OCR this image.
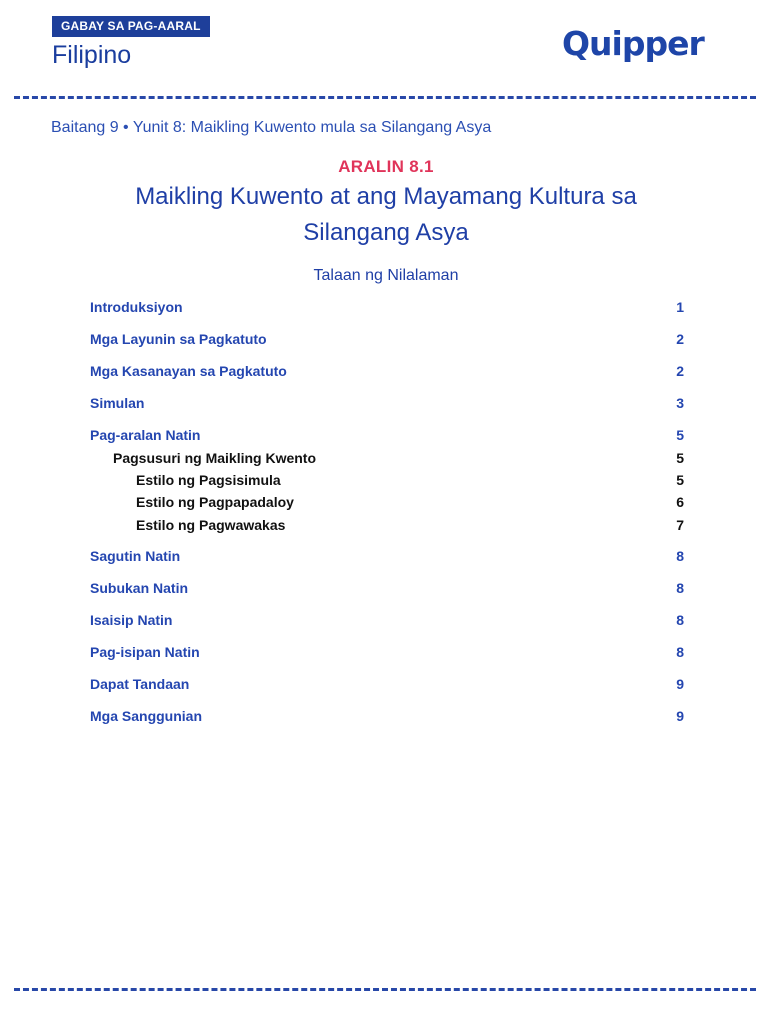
GABAY SA PAG-AARAL
Filipino	Quipper
Baitang 9 • Yunit 8: Maikling Kuwento mula sa Silangang Asya
ARALIN 8.1
Maikling Kuwento at ang Mayamang Kultura sa Silangang Asya
Talaan ng Nilalaman
Introduksiyon	1
Mga Layunin sa Pagkatuto	2
Mga Kasanayan sa Pagkatuto	2
Simulan	3
Pag-aralan Natin	5
Pagsusuri ng Maikling Kwento	5
Estilo ng Pagsisimula	5
Estilo ng Pagpapadaloy	6
Estilo ng Pagwawakas	7
Sagutin Natin	8
Subukan Natin	8
Isaisip Natin	8
Pag-isipan Natin	8
Dapat Tandaan	9
Mga Sanggunian	9
